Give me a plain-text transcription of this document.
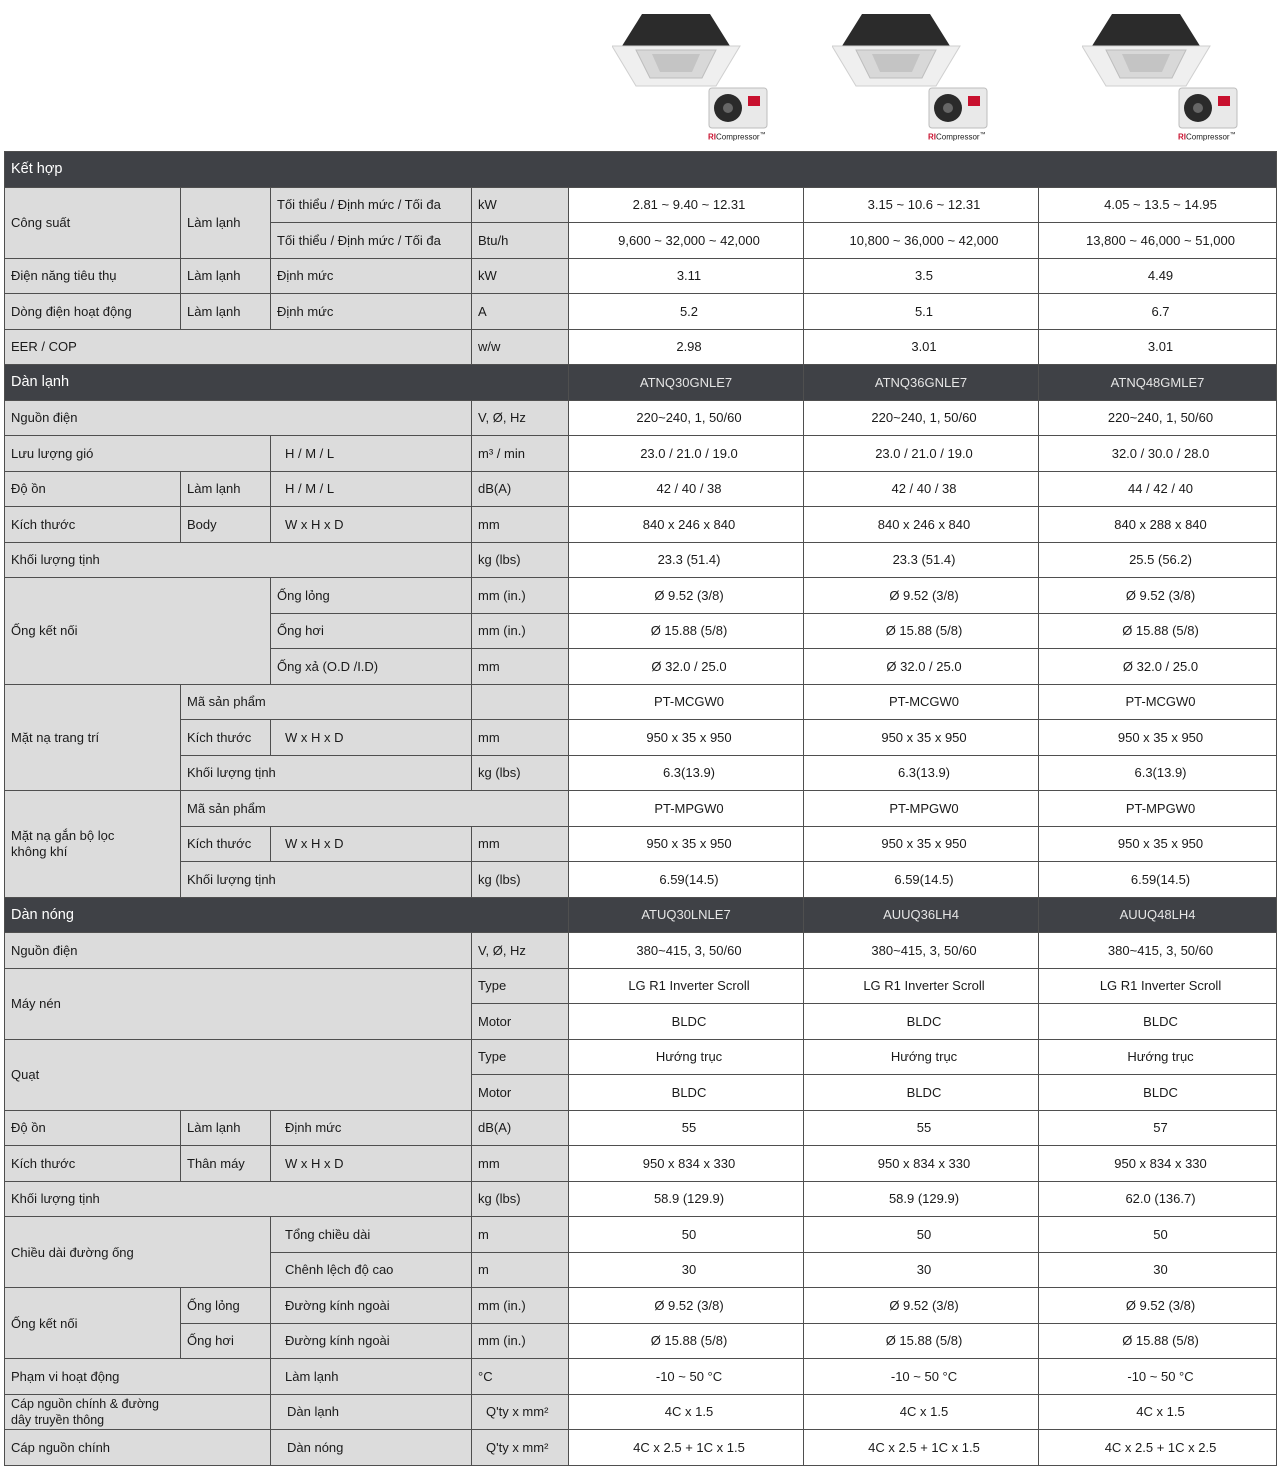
RICompressor™	RICompressor™	RICompressor™
Kết hợp						
Công suất	Làm lạnh	Tối thiểu / Định mức / Tối đa	kW	2.81 ~ 9.40 ~ 12.31	3.15 ~ 10.6 ~ 12.31	4.05 ~ 13.5 ~ 14.95
		Tối thiểu / Định mức / Tối đa	Btu/h	9,600 ~ 32,000 ~ 42,000	10,800 ~ 36,000 ~ 42,000	13,800 ~ 46,000 ~ 51,000
Điện năng tiêu thụ	Làm lạnh	Định mức	kW	3.11	3.5	4.49
Dòng điện hoạt động	Làm lạnh	Định mức	A	5.2	5.1	6.7
EER / COP			w/w	2.98	3.01	3.01
Dàn lạnh				ATNQ30GNLE7	ATNQ36GNLE7	ATNQ48GMLE7
Nguồn điện			V, Ø, Hz	220~240, 1, 50/60	220~240, 1, 50/60	220~240, 1, 50/60
Lưu lượng gió		H / M / L	m³ / min	23.0 / 21.0 / 19.0	23.0 / 21.0 / 19.0	32.0 / 30.0 / 28.0
Độ ồn	Làm lạnh	H / M / L	dB(A)	42 / 40 / 38	42 / 40 / 38	44 / 42 / 40
Kích thước	Body	W x H x D	mm	840 x 246 x 840	840 x 246 x 840	840 x 288 x 840
Khối lượng tịnh			kg (lbs)	23.3 (51.4)	23.3 (51.4)	25.5 (56.2)
Ống kết nối		Ống lỏng	mm (in.)	Ø 9.52 (3/8)	Ø 9.52 (3/8)	Ø 9.52 (3/8)
		Ống hơi	mm (in.)	Ø 15.88 (5/8)	Ø 15.88 (5/8)	Ø 15.88 (5/8)
		Ống xả (O.D /I.D)	mm	Ø 32.0 / 25.0	Ø 32.0 / 25.0	Ø 32.0 / 25.0
Mặt nạ trang trí	Mã sản phẩm			PT-MCGW0	PT-MCGW0	PT-MCGW0
	Kích thước	W x H x D	mm	950 x 35 x 950	950 x 35 x 950	950 x 35 x 950
	Khối lượng tịnh		kg (lbs)	6.3(13.9)	6.3(13.9)	6.3(13.9)
Mặt nạ gắn bộ lọc không khí	Mã sản phẩm			PT-MPGW0	PT-MPGW0	PT-MPGW0
	Kích thước	W x H x D	mm	950 x 35 x 950	950 x 35 x 950	950 x 35 x 950
	Khối lượng tịnh		kg (lbs)	6.59(14.5)	6.59(14.5)	6.59(14.5)
Dàn nóng				ATUQ30LNLE7	AUUQ36LH4	AUUQ48LH4
Nguồn điện			V, Ø, Hz	380~415, 3, 50/60	380~415, 3, 50/60	380~415, 3, 50/60
Máy nén			Type	LG R1 Inverter Scroll	LG R1 Inverter Scroll	LG R1 Inverter Scroll
			Motor	BLDC	BLDC	BLDC
Quạt			Type	Hướng trục	Hướng trục	Hướng trục
			Motor	BLDC	BLDC	BLDC
Độ ồn	Làm lạnh	Định mức	dB(A)	55	55	57
Kích thước	Thân máy	W x H x D	mm	950 x 834 x 330	950 x 834 x 330	950 x 834 x 330
Khối lượng tịnh			kg (lbs)	58.9 (129.9)	58.9 (129.9)	62.0 (136.7)
Chiều dài đường ống		Tổng chiều dài	m	50	50	50
		Chênh lệch độ cao	m	30	30	30
Ống kết nối	Ống lỏng	Đường kính ngoài	mm (in.)	Ø 9.52 (3/8)	Ø 9.52 (3/8)	Ø 9.52 (3/8)
	Ống hơi	Đường kính ngoài	mm (in.)	Ø 15.88 (5/8)	Ø 15.88 (5/8)	Ø 15.88 (5/8)
Phạm vi hoạt động		Làm lạnh	°C	-10 ~ 50 °C	-10 ~ 50 °C	-10 ~ 50 °C
Cáp nguồn chính & đường dây truyền thông		Dàn lạnh	Q'ty x mm²	4C x 1.5	4C x 1.5	4C x 1.5
Cáp nguồn chính		Dàn nóng	Q'ty x mm²	4C x 2.5 + 1C x 1.5	4C x 2.5 + 1C x 1.5	4C x 2.5 + 1C x 2.5
